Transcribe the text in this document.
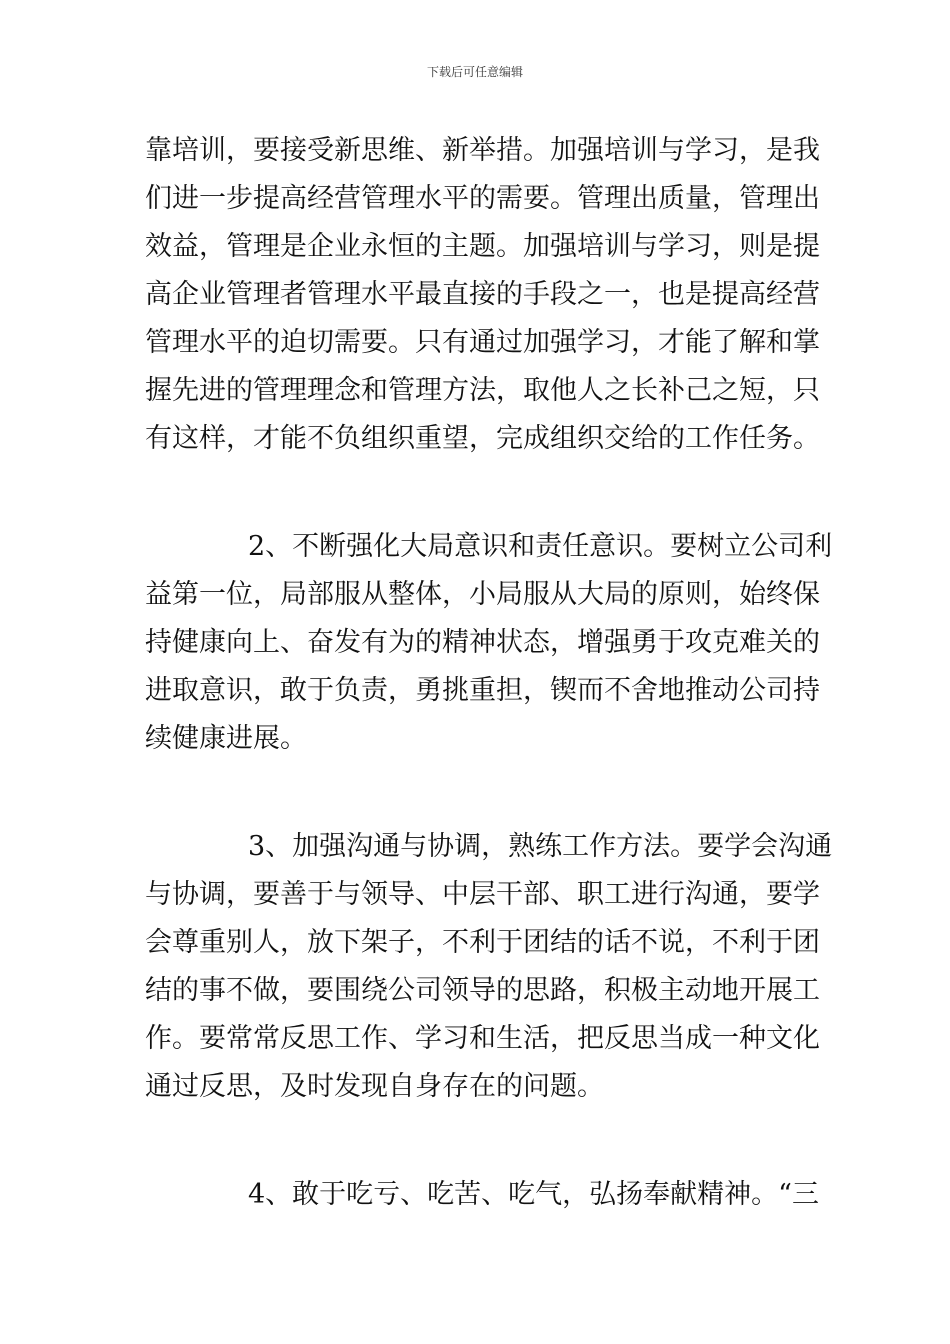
下载后可任意编辑
靠培训，要接受新思维、新举措。加强培训与学习，是我
们进一步提高经营管理水平的需要。管理出质量，管理出
效益，管理是企业永恒的主题。加强培训与学习，则是提
高企业管理者管理水平最直接的手段之一，也是提高经营
管理水平的迫切需要。只有通过加强学习，才能了解和掌
握先进的管理理念和管理方法，取他人之长补己之短，只
有这样，才能不负组织重望，完成组织交给的工作任务。
2、不断强化大局意识和责任意识。要树立公司利
益第一位，局部服从整体，小局服从大局的原则，始终保
持健康向上、奋发有为的精神状态，增强勇于攻克难关的
进取意识，敢于负责，勇挑重担，锲而不舍地推动公司持
续健康进展。
3、加强沟通与协调，熟练工作方法。要学会沟通
与协调，要善于与领导、中层干部、职工进行沟通，要学
会尊重别人，放下架子，不利于团结的话不说，不利于团
结的事不做，要围绕公司领导的思路，积极主动地开展工
作。要常常反思工作、学习和生活，把反思当成一种文化
通过反思，及时发现自身存在的问题。
4、敢于吃亏、吃苦、吃气，弘扬奉献精神。“三
